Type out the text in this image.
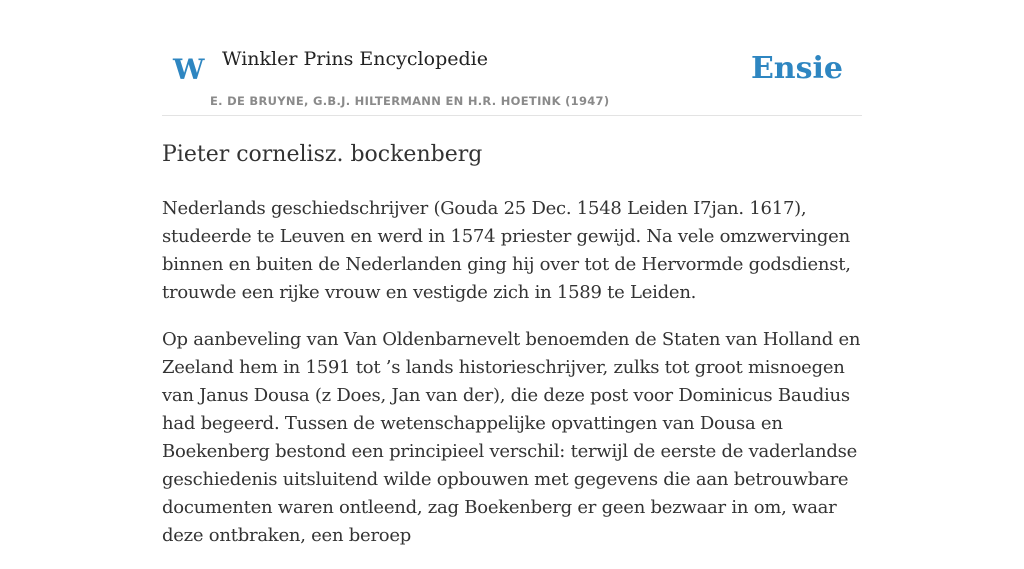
W Winkler Prins Encyclopedie
E. DE BRUYNE, G.B.J. HILTERMANN EN H.R. HOETINK (1947)
Ensie
Pieter cornelisz. bockenberg

Nederlands geschiedschrijver (Gouda 25 Dec. 1548 Leiden I7jan. 1617), studeerde te Leuven en werd in 1574 priester gewijd. Na vele omzwervingen binnen en buiten de Nederlanden ging hij over tot de Hervormde godsdienst, trouwde een rijke vrouw en vestigde zich in 1589 te Leiden.

Op aanbeveling van Van Oldenbarnevelt benoemden de Staten van Holland en Zeeland hem in 1591 tot ’s lands historieschrijver, zulks tot groot misnoegen van Janus Dousa (z Does, Jan van der), die deze post voor Dominicus Baudius had begeerd. Tussen de wetenschappelijke opvattingen van Dousa en Boekenberg bestond een principieel verschil: terwijl de eerste de vaderlandse geschiedenis uitsluitend wilde opbouwen met gegevens die aan betrouwbare documenten waren ontleend, zag Boekenberg er geen bezwaar in om, waar deze ontbraken, een beroep
